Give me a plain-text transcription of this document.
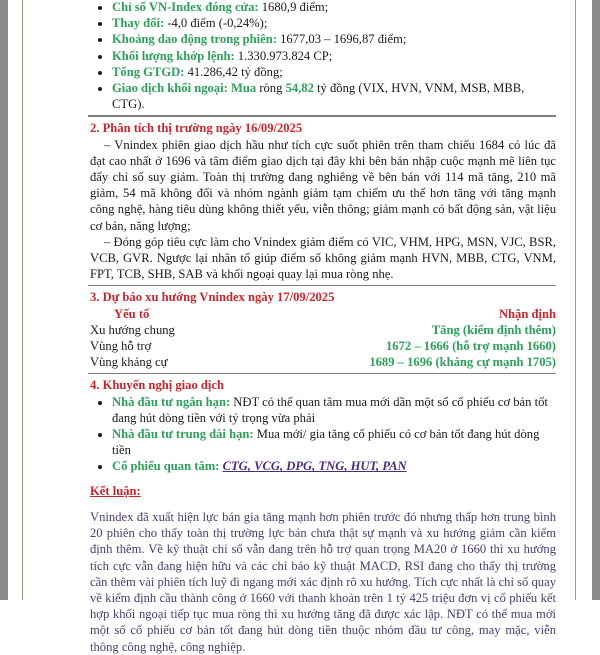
• Chỉ số VN-Index đóng cửa: 1680,9 điểm;
• Thay đổi: -4,0 điểm (-0,24%);
• Khoảng dao động trong phiên: 1677,03 – 1696,87 điểm;
• Khối lượng khớp lệnh: 1.330.973.824 CP;
• Tổng GTGD: 41.286,42 tỷ đồng;
• Giao dịch khối ngoại: Mua ròng 54,82 tỷ đồng (VIX, HVN, VNM, MSB, MBB, CTG).
2. Phân tích thị trường ngày 16/09/2025

– Vnindex phiên giao dịch hầu như tích cực suốt phiên trên tham chiếu 1684 có lúc đã đạt cao nhất ở 1696 và tâm điểm giao dịch tại đây khi bên bán nhập cuộc mạnh mẽ liên tục đẩy chỉ số suy giảm. Toàn thị trường đang nghiêng về bên bán với 114 mã tăng, 210 mã giảm, 54 mã không đổi và nhóm ngành giảm tạm chiếm ưu thế hơn tăng với tăng mạnh công nghệ, hàng tiêu dùng không thiết yếu, viễn thông; giảm mạnh có bất động sản, vật liệu cơ bản, năng lượng;

– Đóng góp tiêu cực làm cho Vnindex giảm điểm có VIC, VHM, HPG, MSN, VJC, BSR, VCB, GVR. Ngược lại nhân tố giúp điểm số không giảm mạnh HVN, MBB, CTG, VNM, FPT, TCB, SHB, SAB và khối ngoại quay lại mua ròng nhẹ.

3. Dự báo xu hướng Vnindex ngày 17/09/2025
Yếu tố	Nhận định
Xu hướng chung	Tăng (kiểm định thêm)
Vùng hỗ trợ	1672 – 1666 (hỗ trợ mạnh 1660)
Vùng kháng cự	1689 – 1696 (kháng cự mạnh 1705)
4. Khuyến nghị giao dịch
• Nhà đầu tư ngắn hạn: NĐT có thể quan tâm mua mới dần một số cổ phiếu cơ bản tốt đang hút dòng tiền với tỷ trọng vừa phải
• Nhà đầu tư trung dài hạn: Mua mới/ gia tăng cổ phiếu có cơ bản tốt đang hút dòng tiền
• Cổ phiếu quan tâm: CTG, VCG, DPG, TNG, HUT, PAN
Kết luận:

Vnindex đã xuất hiện lực bán gia tăng mạnh hơn phiên trước đó nhưng thấp hơn trung bình 20 phiên cho thấy toàn thị trường lực bán chưa thật sự mạnh và xu hướng giảm cần kiểm định thêm. Về kỹ thuật chỉ số vẫn đang trên hỗ trợ quan trọng MA20 ở 1660 thì xu hướng tích cực vẫn đang hiện hữu và các chỉ báo kỹ thuật MACD, RSI đang cho thấy thị trường cần thêm vài phiên tích luỹ đi ngang mới xác định rõ xu hướng. Tích cực nhất là chỉ số quay về kiểm định cầu thành công ở 1660 với thanh khoản trên 1 tỷ 425 triệu đơn vị cổ phiếu kết hợp khối ngoại tiếp tục mua ròng thì xu hướng tăng đã được xác lập. NĐT có thể mua mới một số cổ phiếu cơ bản tốt đang hút dòng tiền thuộc nhóm đầu tư công, may mặc, viễn thông công nghệ, công nghiệp.
